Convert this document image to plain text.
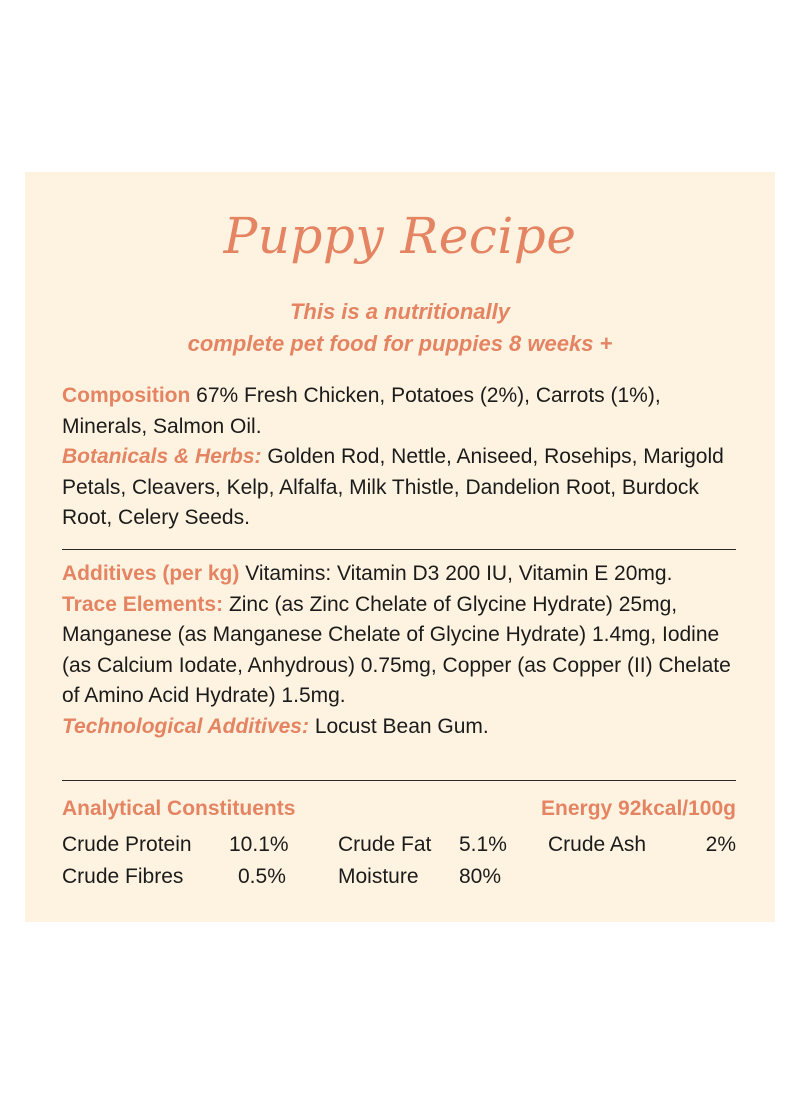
Puppy Recipe
This is a nutritionally
complete pet food for puppies 8 weeks +
Composition 67% Fresh Chicken, Potatoes (2%), Carrots (1%), Minerals, Salmon Oil.
Botanicals & Herbs: Golden Rod, Nettle, Aniseed, Rosehips, Marigold Petals, Cleavers, Kelp, Alfalfa, Milk Thistle, Dandelion Root, Burdock Root, Celery Seeds.
Additives (per kg) Vitamins: Vitamin D3 200 IU, Vitamin E 20mg.
Trace Elements: Zinc (as Zinc Chelate of Glycine Hydrate) 25mg, Manganese (as Manganese Chelate of Glycine Hydrate) 1.4mg, Iodine (as Calcium Iodate, Anhydrous) 0.75mg, Copper (as Copper (II) Chelate of Amino Acid Hydrate) 1.5mg.
Technological Additives: Locust Bean Gum.
Analytical Constituents	Energy 92kcal/100g
Crude Protein 10.1% Crude Fat 5.1% Crude Ash	2%
Crude Fibres	0.5% Moisture 80%
